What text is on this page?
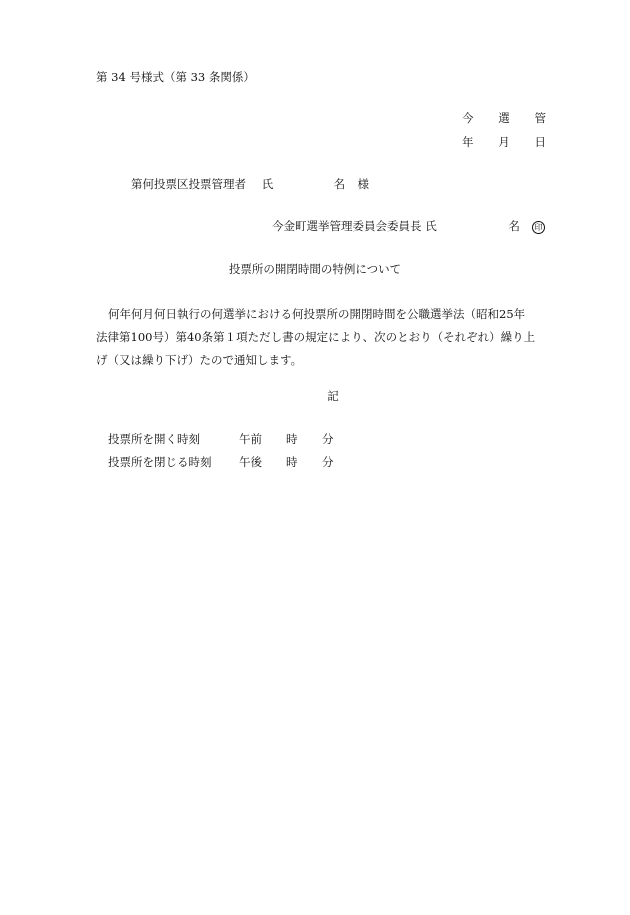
第 34 号様式（第 33 条関係）
今 選 管
年 月 日
第何投票区投票管理者	氏	名	様
今金町選挙管理委員会委員長 氏	名	印
投票所の開閉時間の特例について

何年何月何日執行の何選挙における何投票所の開閉時間を公職選挙法（昭和25年法律第100号）第40条第１項ただし書の規定により、次のとおり（それぞれ）繰り上げ（又は繰り下げ）たので通知します。

記
投票所を開く時刻	午前	時	分
投票所を閉じる時刻	午後	時	分
